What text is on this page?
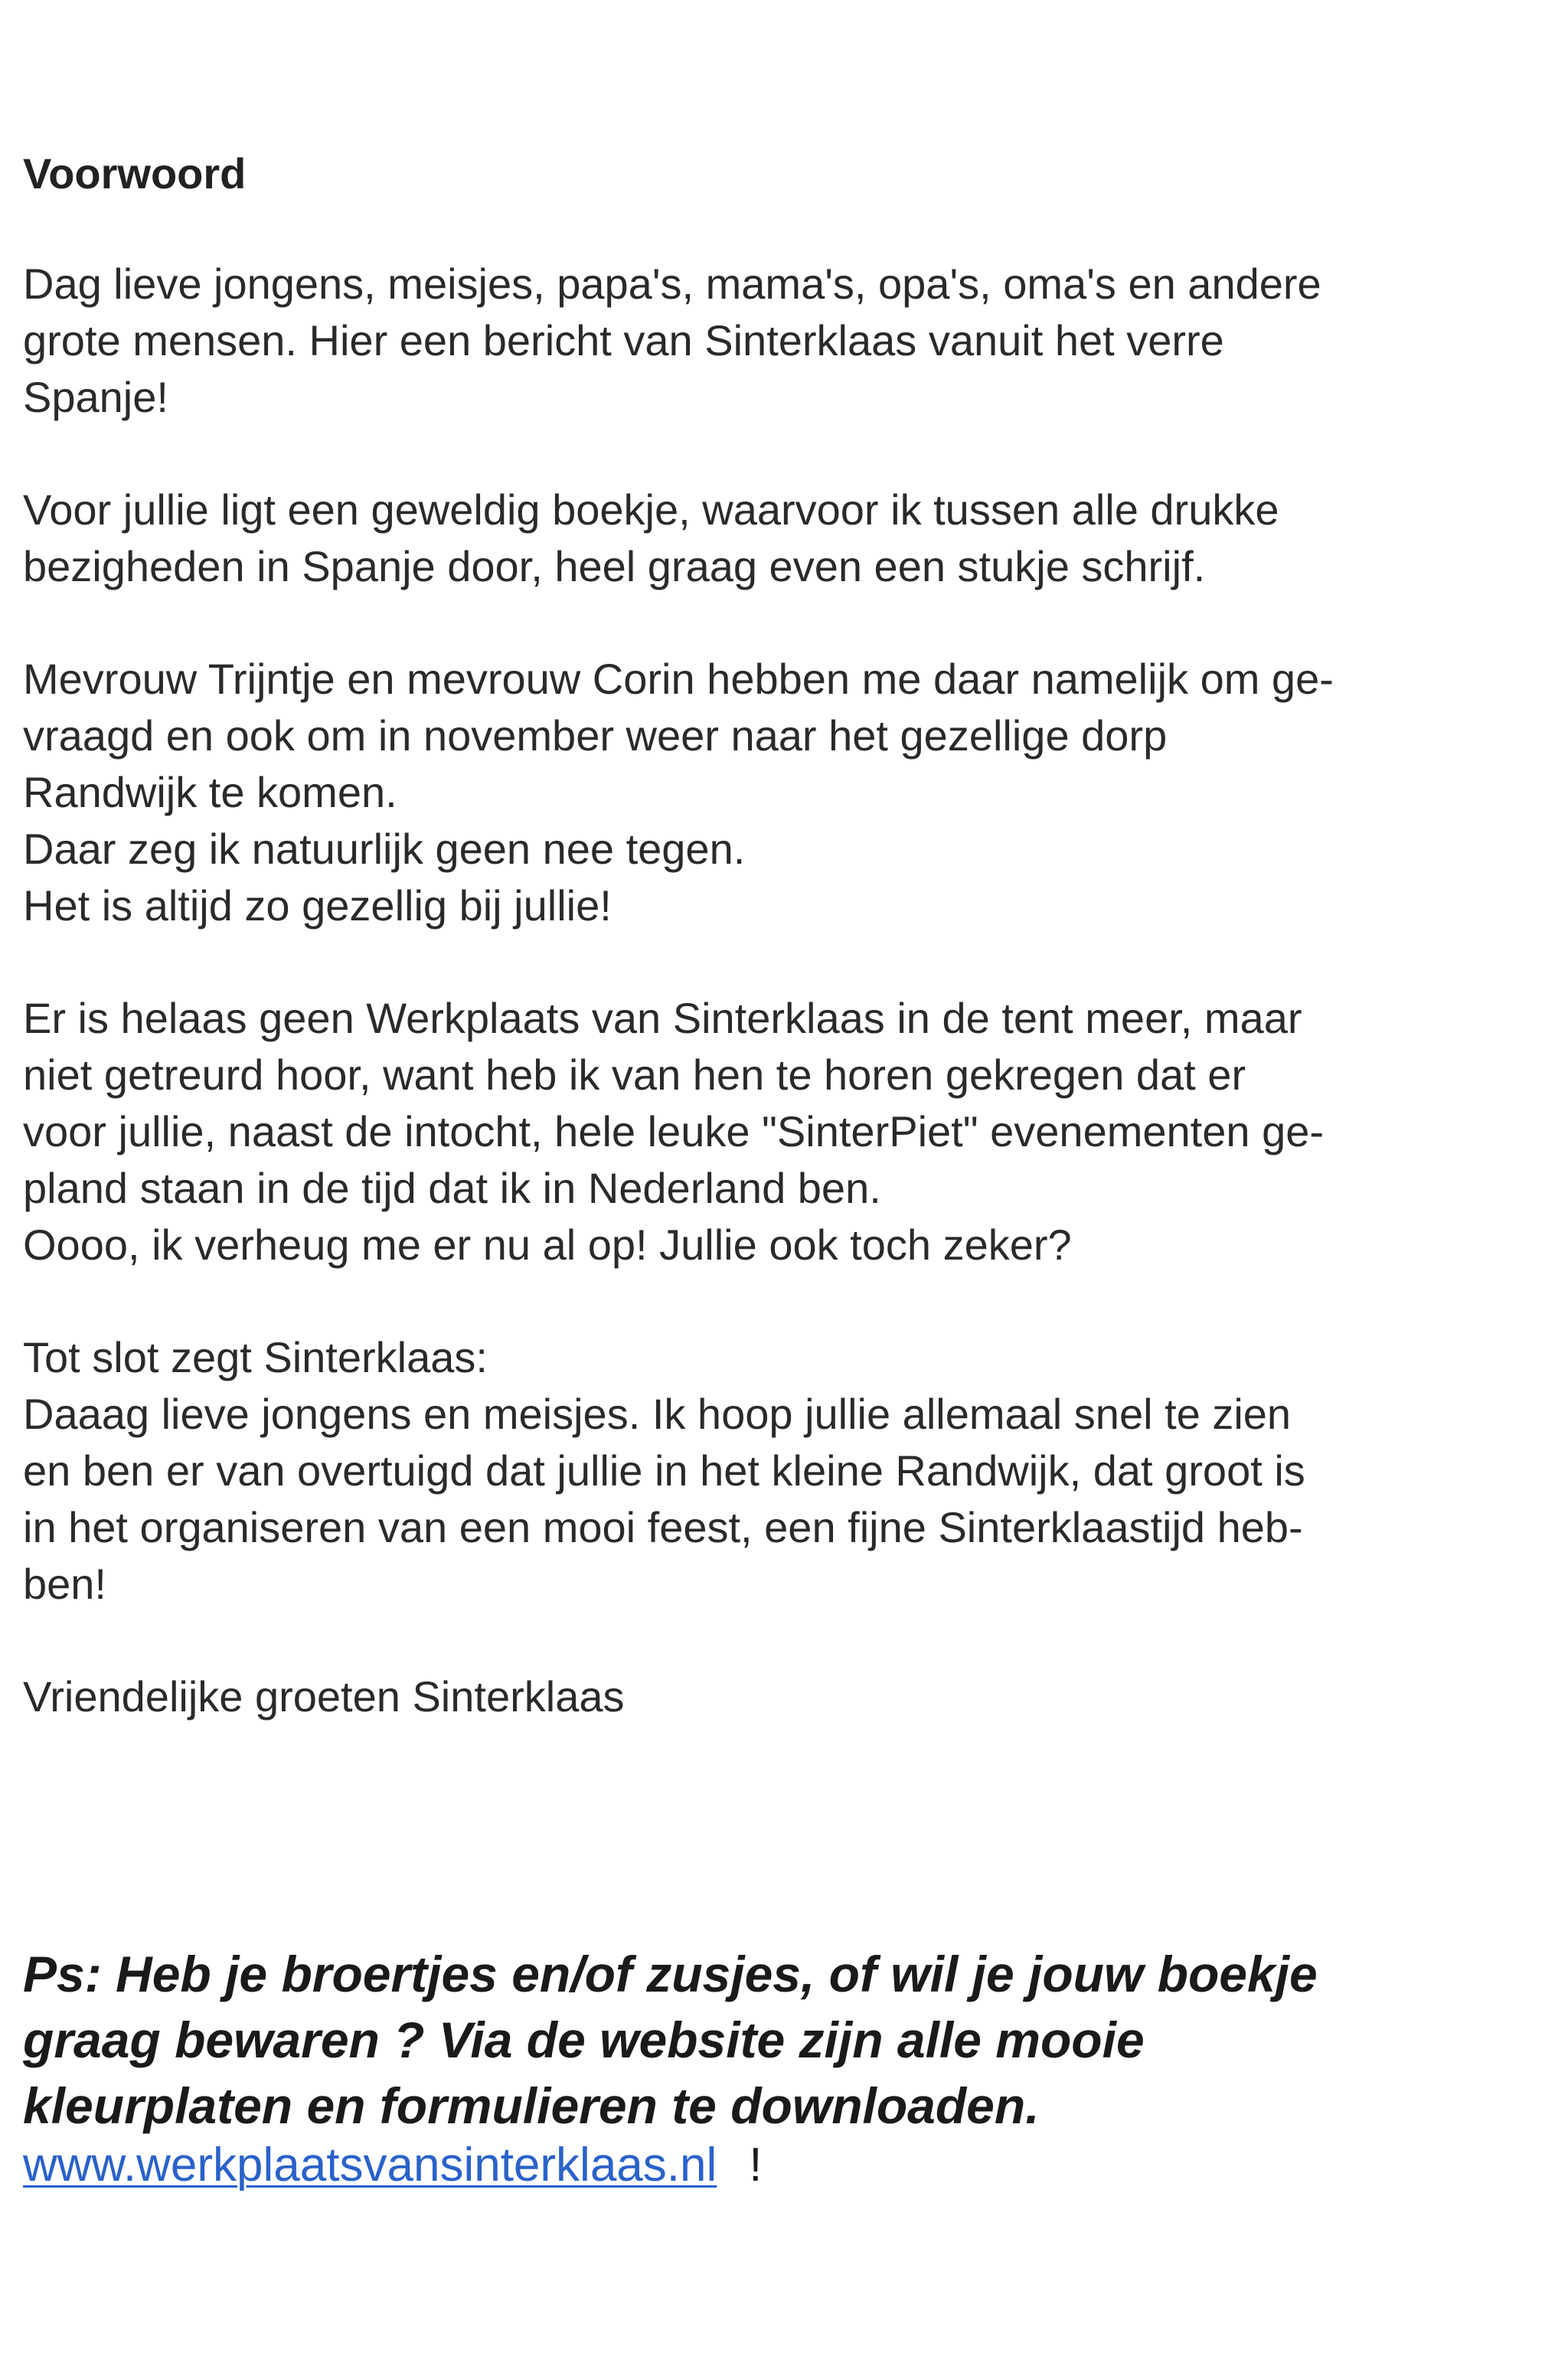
Voorwoord

Dag lieve jongens, meisjes, papa's, mama's, opa's, oma's en andere
grote mensen. Hier een bericht van Sinterklaas vanuit het verre
Spanje!

Voor jullie ligt een geweldig boekje, waarvoor ik tussen alle drukke
bezigheden in Spanje door, heel graag even een stukje schrijf.

Mevrouw Trijntje en mevrouw Corin hebben me daar namelijk om ge-
vraagd en ook om in november weer naar het gezellige dorp
Randwijk te komen.
Daar zeg ik natuurlijk geen nee tegen.
Het is altijd zo gezellig bij jullie!

Er is helaas geen Werkplaats van Sinterklaas in de tent meer, maar
niet getreurd hoor, want heb ik van hen te horen gekregen dat er
voor jullie, naast de intocht, hele leuke "SinterPiet" evenementen ge-
pland staan in de tijd dat ik in Nederland ben.
Oooo, ik verheug me er nu al op! Jullie ook toch zeker?

Tot slot zegt Sinterklaas:
Daaag lieve jongens en meisjes. Ik hoop jullie allemaal snel te zien
en ben er van overtuigd dat jullie in het kleine Randwijk, dat groot is
in het organiseren van een mooi feest, een fijne Sinterklaastijd heb-
ben!

Vriendelijke groeten Sinterklaas

Ps: Heb je broertjes en/of zusjes, of wil je jouw boekje
graag bewaren ? Via de website zijn alle mooie
kleurplaten en formulieren te downloaden.

www.werkplaatsvansinterklaas.nl !
